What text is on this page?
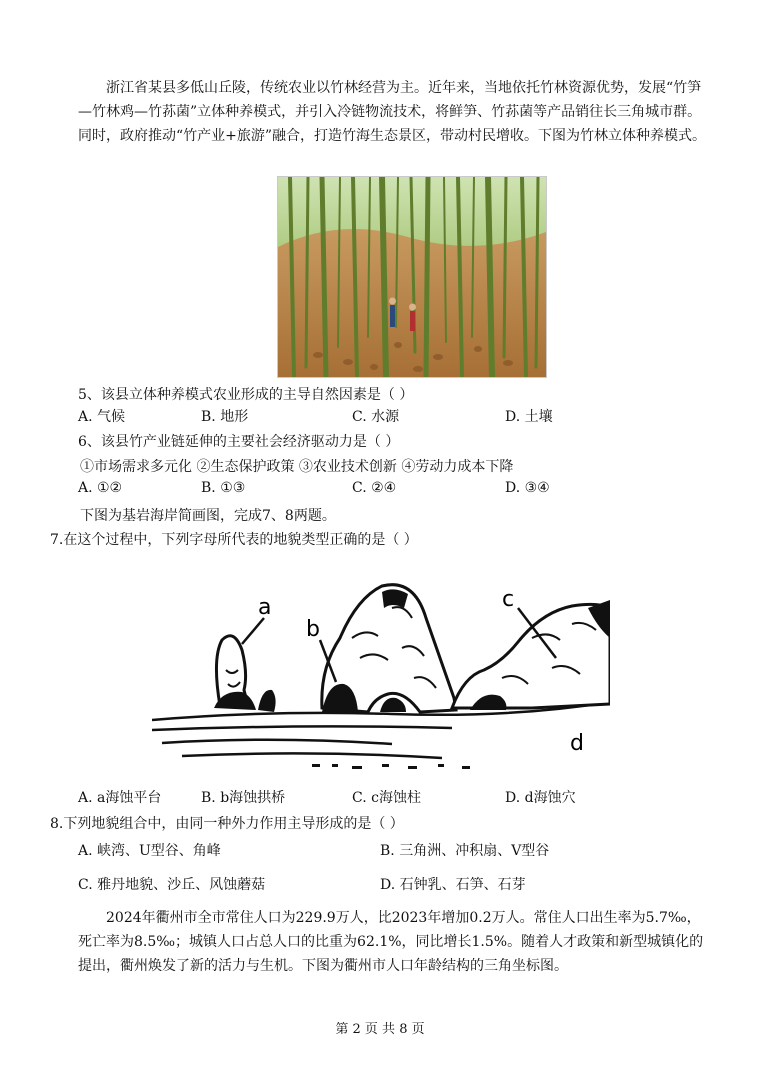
浙江省某县多低山丘陵，传统农业以竹林经营为主。近年来，当地依托竹林资源优势，发展“竹笋—竹林鸡—竹荪菌”立体种养模式，并引入冷链物流技术，将鲜笋、竹荪菌等产品销往长三角城市群。同时，政府推动“竹产业+旅游”融合，打造竹海生态景区，带动村民增收。下图为竹林立体种养模式。

5、该县立体种养模式农业形成的主导自然因素是（ ）

A. 气候	B. 地形	C. 水源	D. 土壤

6、该县竹产业链延伸的主要社会经济驱动力是（ ）

①市场需求多元化 ②生态保护政策 ③农业技术创新 ④劳动力成本下降

A. ①②	B. ①③	C. ②④	D. ③④

下图为基岩海岸简画图，完成7、8两题。

7.在这个过程中，下列字母所代表的地貌类型正确的是（ ）

a
b
c
d
A. a海蚀平台	B. b海蚀拱桥	C. c海蚀柱	D. d海蚀穴

8.下列地貌组合中，由同一种外力作用主导形成的是（ ）

A. 峡湾、U型谷、角峰	B. 三角洲、冲积扇、V型谷
C. 雅丹地貌、沙丘、风蚀蘑菇	D. 石钟乳、石笋、石芽

2024年衢州市全市常住人口为229.9万人，比2023年增加0.2万人。常住人口出生率为5.7‰，死亡率为8.5‰；城镇人口占总人口的比重为62.1%，同比增长1.5%。随着人才政策和新型城镇化的提出，衢州焕发了新的活力与生机。下图为衢州市人口年龄结构的三角坐标图。

第 2 页 共 8 页
